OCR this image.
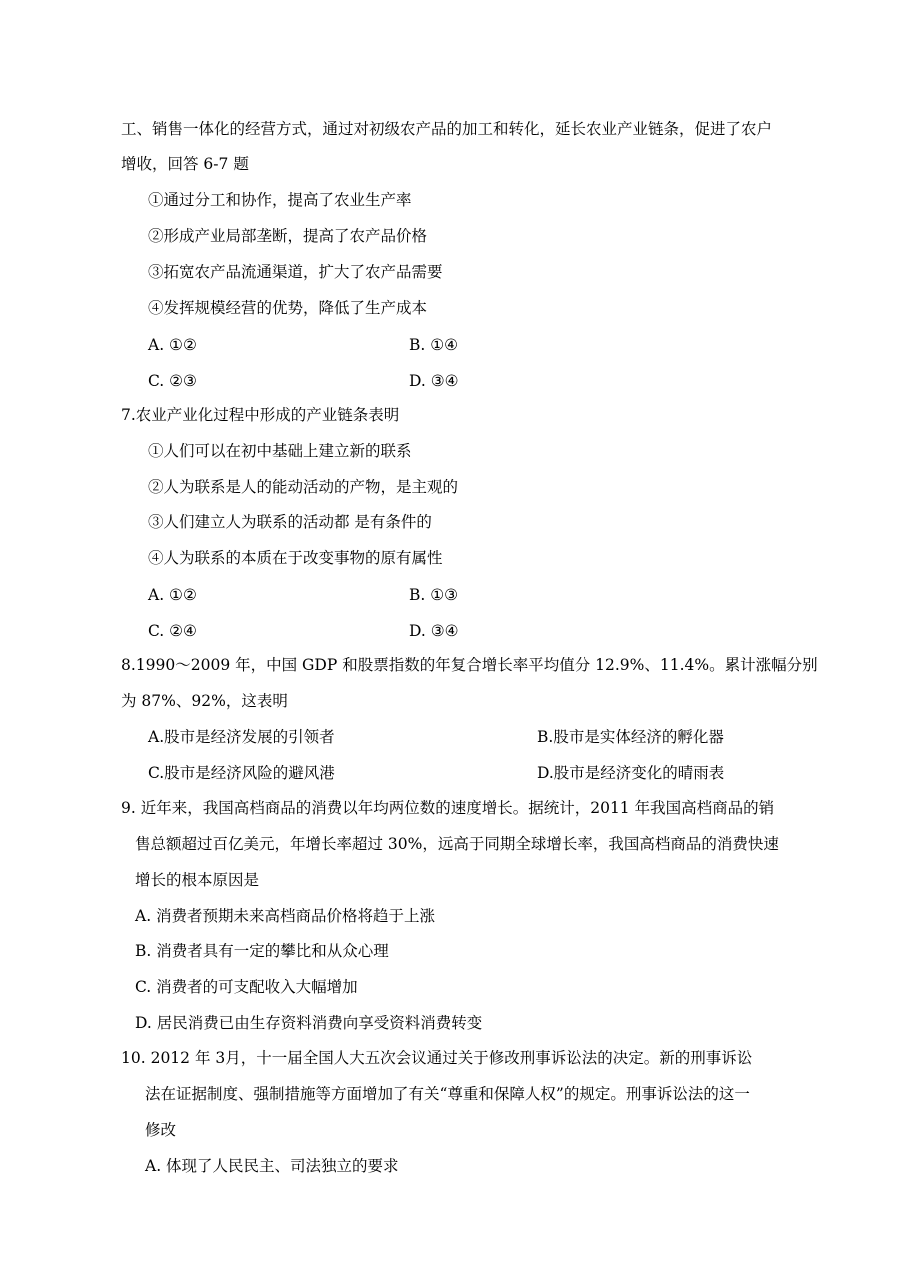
工、销售一体化的经营方式，通过对初级农产品的加工和转化，延长农业产业链条，促进了农户
增收，回答 6-7 题
①通过分工和协作，提高了农业生产率
②形成产业局部垄断，提高了农产品价格
③拓宽农产品流通渠道，扩大了农产品需要
④发挥规模经营的优势，降低了生产成本
A. ①②	B. ①④
C. ②③	D. ③④
7.农业产业化过程中形成的产业链条表明
①人们可以在初中基础上建立新的联系
②人为联系是人的能动活动的产物，是主观的
③人们建立人为联系的活动都 是有条件的
④人为联系的本质在于改变事物的原有属性
A. ①②	B. ①③
C. ②④	D. ③④
8.1990～2009 年，中国 GDP 和股票指数的年复合增长率平均值分 12.9%、11.4%。累计涨幅分别
为 87%、92%，这表明
A.股市是经济发展的引领者	B.股市是实体经济的孵化器
C.股市是经济风险的避风港	D.股市是经济变化的晴雨表
9. 近年来，我国高档商品的消费以年均两位数的速度增长。据统计，2011 年我国高档商品的销
售总额超过百亿美元，年增长率超过 30%，远高于同期全球增长率，我国高档商品的消费快速
增长的根本原因是
A. 消费者预期未来高档商品价格将趋于上涨
B. 消费者具有一定的攀比和从众心理
C. 消费者的可支配收入大幅增加
D. 居民消费已由生存资料消费向享受资料消费转变
10. 2012 年 3月，十一届全国人大五次会议通过关于修改刑事诉讼法的决定。新的刑事诉讼
法在证据制度、强制措施等方面增加了有关“尊重和保障人权”的规定。刑事诉讼法的这一
修改
A. 体现了人民民主、司法独立的要求
